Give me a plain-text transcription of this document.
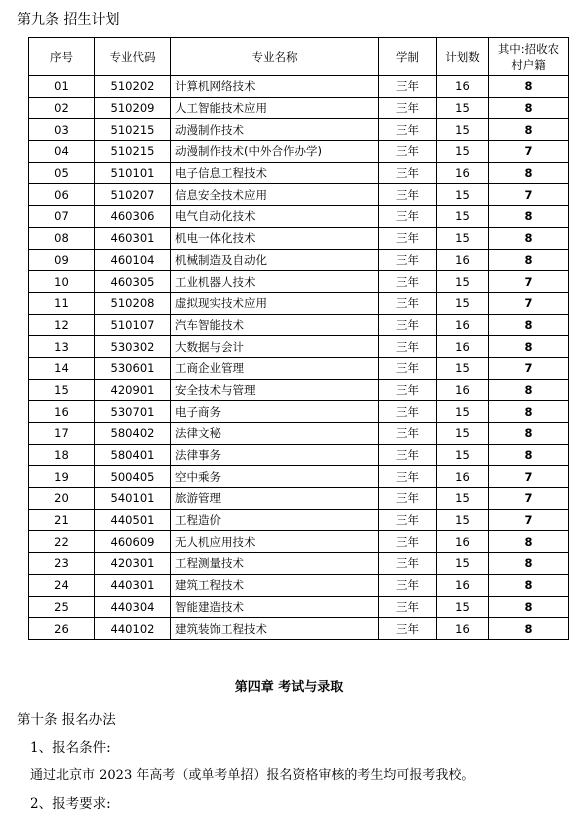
第九条 招生计划
序号	专业代码	专业名称	学制	计划数	其中:招收农村户籍

01	510202	计算机网络技术	三年	16	8
02	510209	人工智能技术应用	三年	15	8
03	510215	动漫制作技术	三年	15	8
04	510215	动漫制作技术(中外合作办学)	三年	15	7
05	510101	电子信息工程技术	三年	16	8
06	510207	信息安全技术应用	三年	15	7
07	460306	电气自动化技术	三年	15	8
08	460301	机电一体化技术	三年	15	8
09	460104	机械制造及自动化	三年	16	8
10	460305	工业机器人技术	三年	15	7
11	510208	虚拟现实技术应用	三年	15	7
12	510107	汽车智能技术	三年	16	8
13	530302	大数据与会计	三年	16	8
14	530601	工商企业管理	三年	15	7
15	420901	安全技术与管理	三年	16	8
16	530701	电子商务	三年	15	8
17	580402	法律文秘	三年	15	8
18	580401	法律事务	三年	15	8
19	500405	空中乘务	三年	16	7
20	540101	旅游管理	三年	15	7
21	440501	工程造价	三年	15	7
22	460609	无人机应用技术	三年	16	8
23	420301	工程测量技术	三年	15	8
24	440301	建筑工程技术	三年	16	8
25	440304	智能建造技术	三年	15	8
26	440102	建筑装饰工程技术	三年	16	8
第四章 考试与录取
第十条 报名办法
1、报名条件:
通过北京市 2023 年高考（或单考单招）报名资格审核的考生均可报考我校。
2、报考要求:
